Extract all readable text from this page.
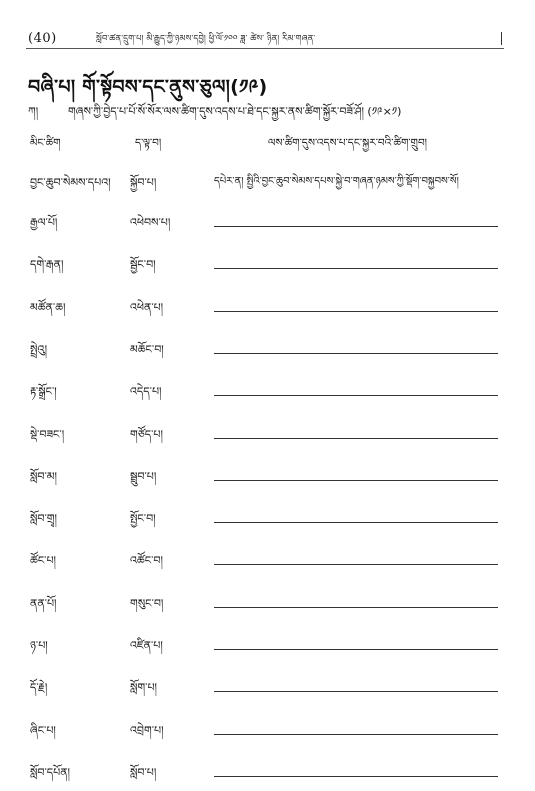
(40)	སློབ་ཚན་དྲུག་པ། མི་རྒྱུད་ཀྱི་ཉམས་དབྱེ། ཕྱི་ལོ་༡༠༠ ཟླ་ ཚེས་ ཉིན། རིམ་གཞན་
བཞི་པ། གོ་སྟོབས་དང་ནུས་ཅུལ།(༡༩)
ཀ།	གཞས་ཀྱི་བྱེད་པ་པོ་སོ་སོར་ལས་ཚིག་དུས་འདས་པ་ཐེ་དང་སྐྱར་ནས་ཚིག་སྐྱོར་བཟོ་ཤོ། (༡༩×༡)
མིང་ཚིག	ད་ལྟ་བ།	ལས་ཚིག་དུས་འདས་པ་དང་སྐྱར་བའི་ཚིག་གྲུབ།
བྱང་ཆུབ་སེམས་དཔའ། སྐྱོབ་པ།	དཔེར་ན། སྤྱིའི་བྱང་ཆུབ་སེམས་དཔས་སྐྱེ་བ་གཞན་ཉམས་ཀྱི་སྡོག་བསྐྱབས་སོ།
རྒྱལ་པོ།	འཕེབས་པ།
དགེ་རྒན།	སྦྱོང་བ།
མཚོན་ཆ།	འཕེན་པ།
སྤྲེའུ།	མཆོང་བ།
རྟ་སྒྲོང་།	འདེད་པ།
སྡེ་བཟང་།	གཙོད་པ།
སློབ་མ།	སྦྲུབ་པ།
སློབ་གྲྭ།	སྤྱོང་བ།
ཚོང་པ།	འཚོང་བ།
ནན་པོ།	གསུང་བ།
ཉ་པ།	འཛིན་པ།
དོ་རྗེ།	སློག་པ།
ཞིང་པ།	འབྲེག་པ།
སློབ་དཔོན།	སློབ་པ།
